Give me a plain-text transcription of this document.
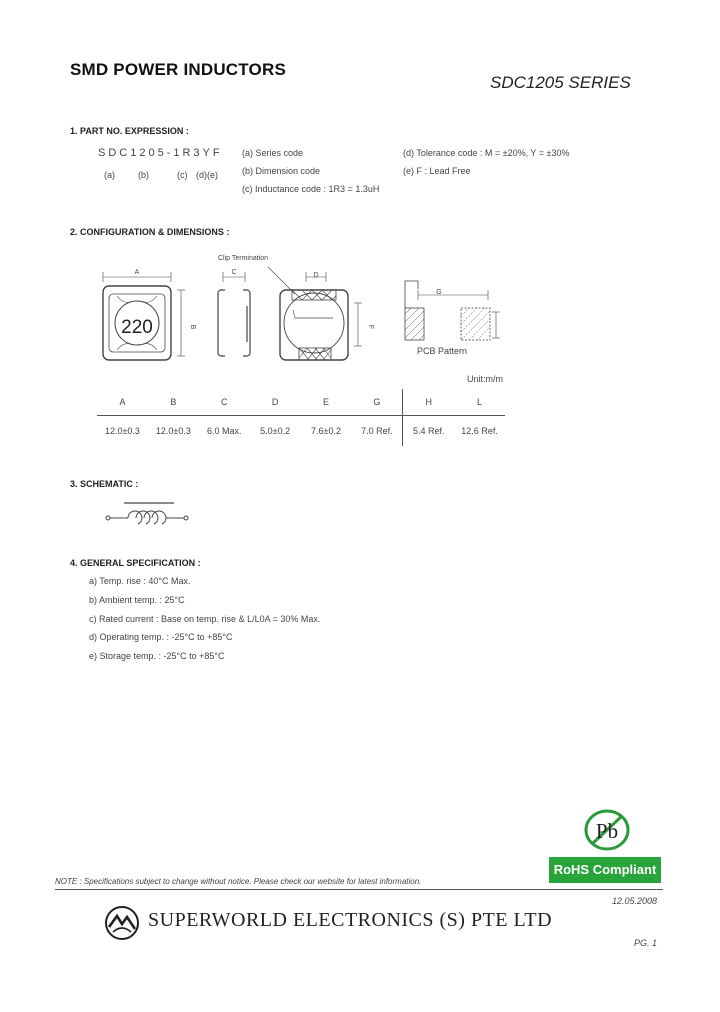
SMD POWER INDUCTORS
SDC1205 SERIES
1. PART NO. EXPRESSION :
SDC1205-1R3YF
(a)	(b)	(c) (d)(e)
(a) Series code
(b) Dimension code
(c) Inductance code : 1R3 = 1.3uH
(d) Tolerance code : M = ±20%, Y = ±30%
(e) F : Lead Free
2. CONFIGURATION & DIMENSIONS :
A
B
220
C
Clip Termination
D
F
G
PCB Pattern
Unit:m/m
A	B	C	D	E	G	H	L
12.0±0.3	12.0±0.3	6.0 Max.	5.0±0.2	7.6±0.2	7.0 Ref.	5.4 Ref.	12.6 Ref.
3. SCHEMATIC :
4. GENERAL SPECIFICATION :
a) Temp. rise : 40°C Max.
b) Ambient temp. : 25°C
c) Rated current : Base on temp. rise & L/L0A = 30% Max.
d) Operating temp. : -25°C to +85°C
e) Storage temp. : -25°C to +85°C
Pb
RoHS Compliant
NOTE : Specifications subject to change without notice. Please check our website for latest information.
12.05.2008
SUPERWORLD ELECTRONICS (S) PTE LTD
PG. 1
